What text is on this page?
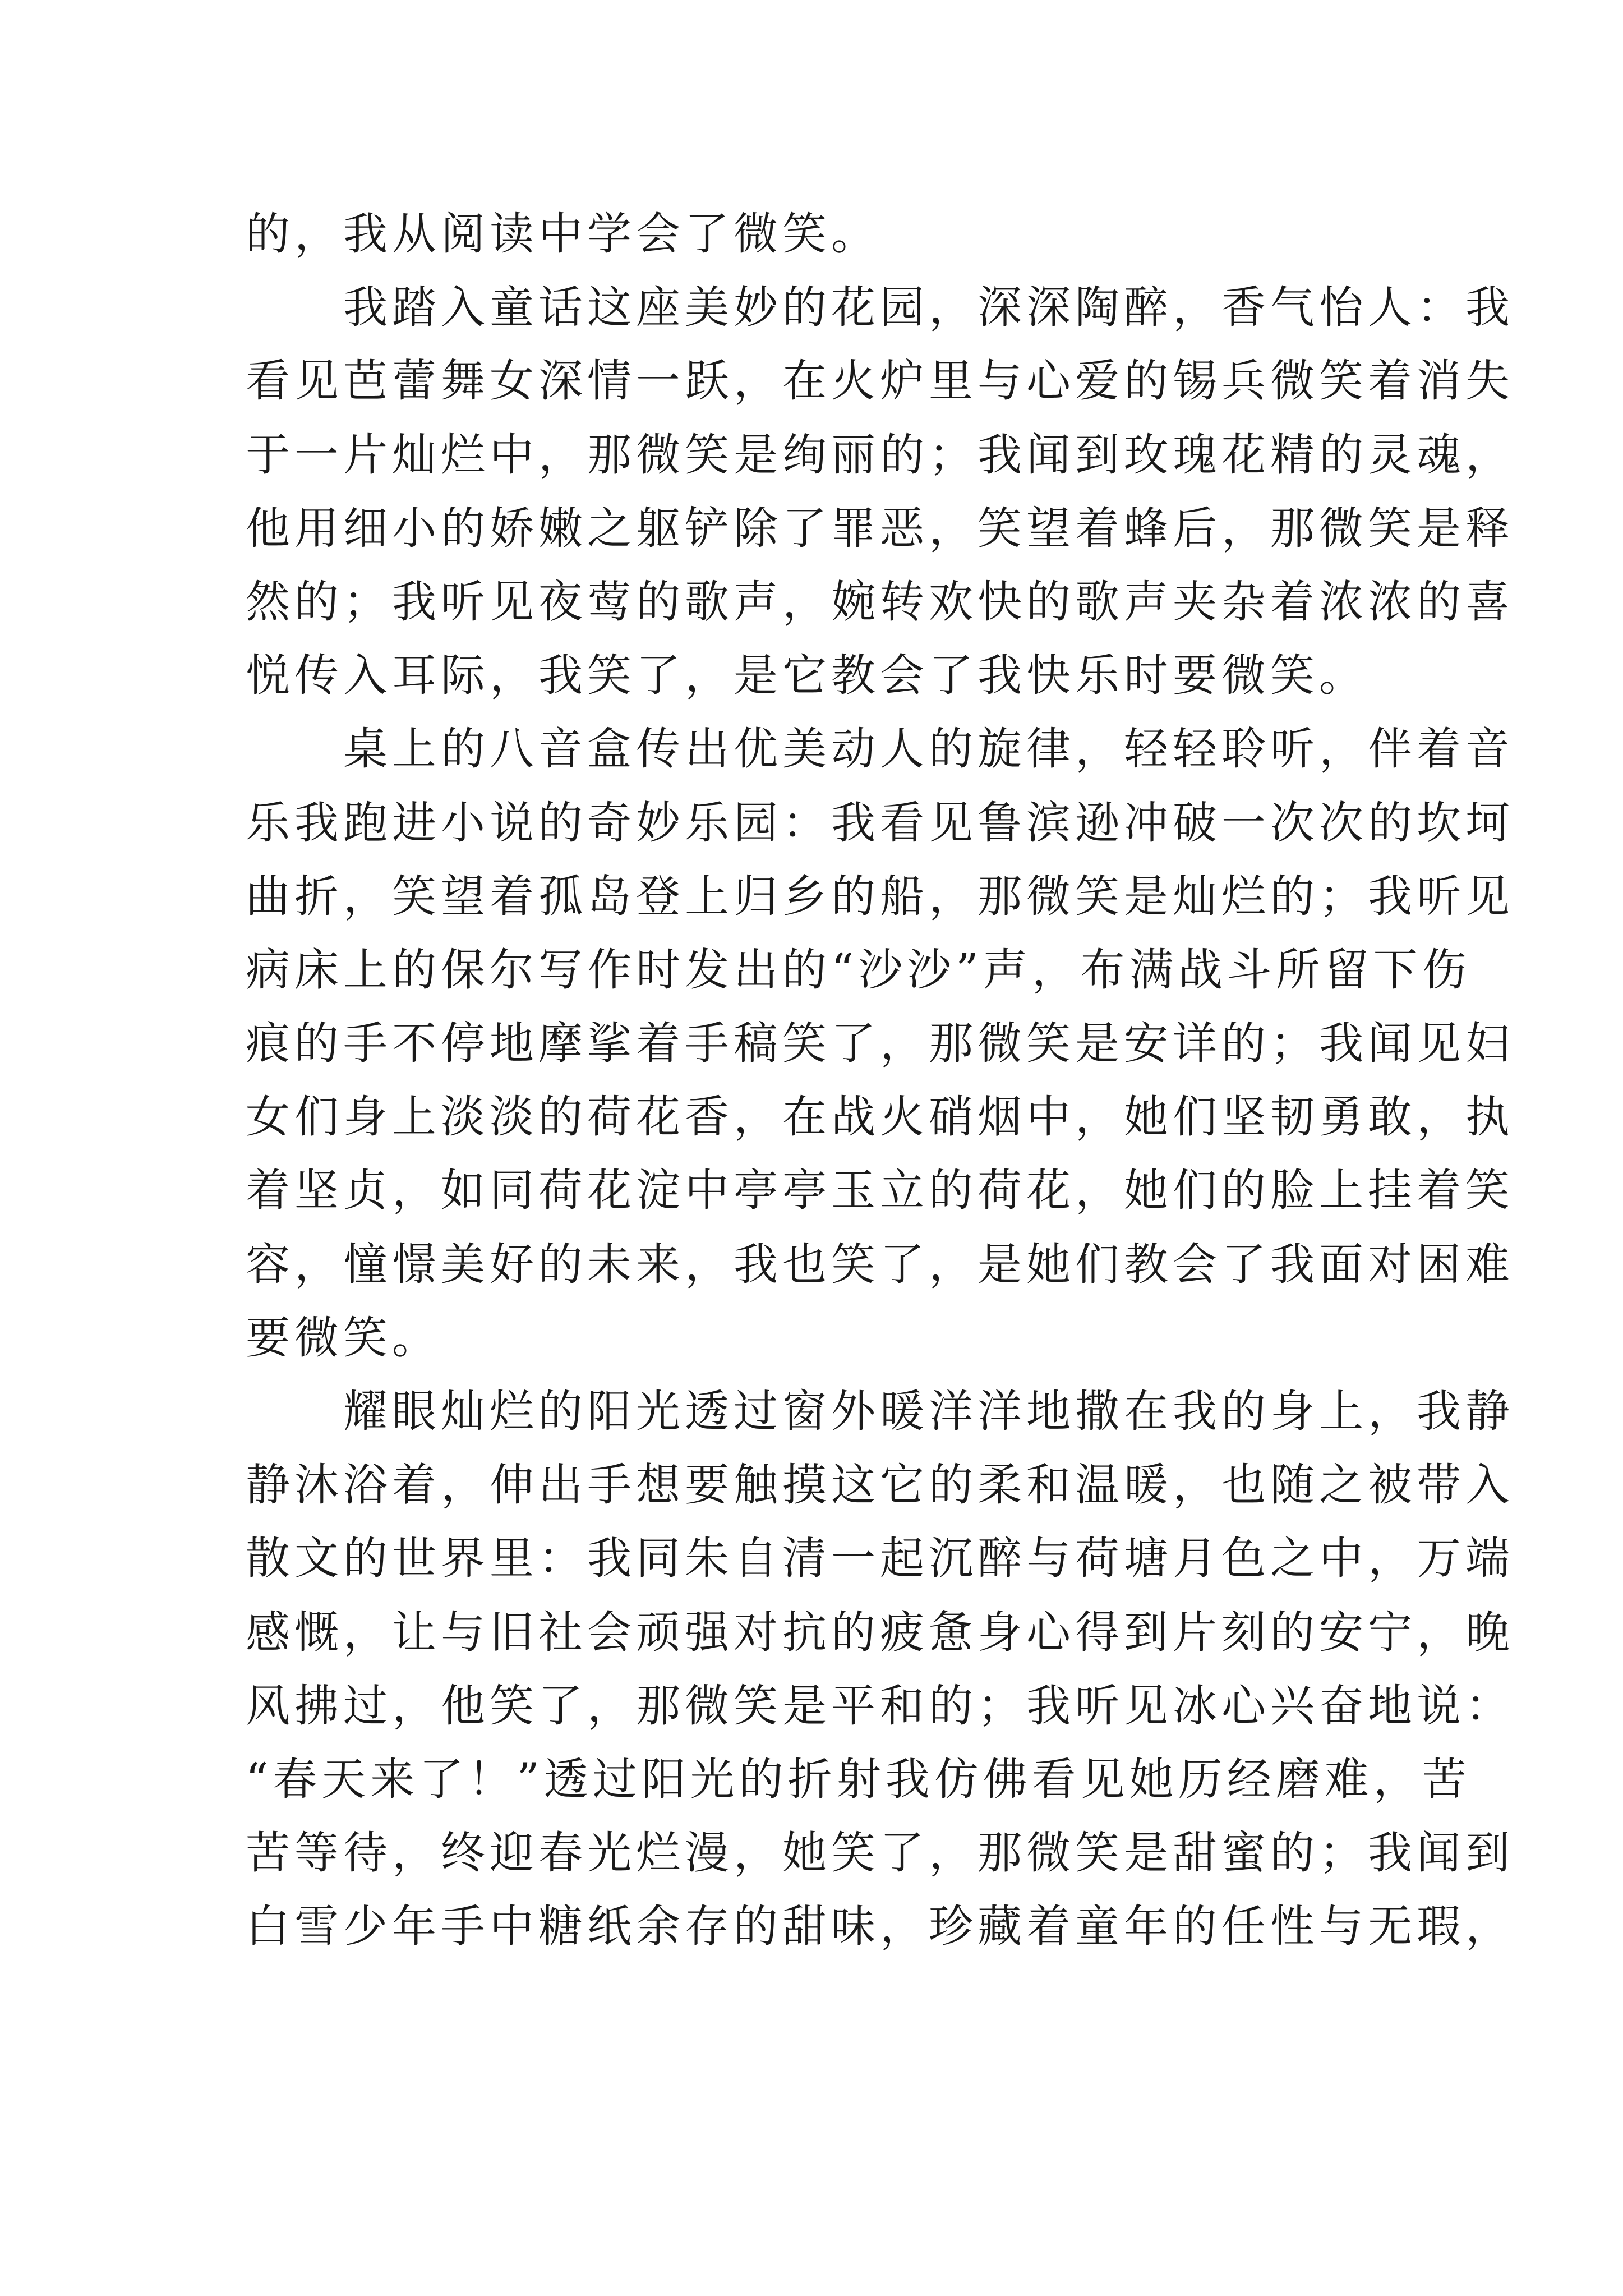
的，我从阅读中学会了微笑。
我踏入童话这座美妙的花园，深深陶醉，香气怡人：我
看见芭蕾舞女深情一跃，在火炉里与心爱的锡兵微笑着消失
于一片灿烂中，那微笑是绚丽的；我闻到玫瑰花精的灵魂，
他用细小的娇嫩之躯铲除了罪恶，笑望着蜂后，那微笑是释
然的；我听见夜莺的歌声，婉转欢快的歌声夹杂着浓浓的喜
悦传入耳际，我笑了，是它教会了我快乐时要微笑。
桌上的八音盒传出优美动人的旋律，轻轻聆听，伴着音
乐我跑进小说的奇妙乐园：我看见鲁滨逊冲破一次次的坎坷
曲折，笑望着孤岛登上归乡的船，那微笑是灿烂的；我听见
病床上的保尔写作时发出的“沙沙”声，布满战斗所留下伤
痕的手不停地摩挲着手稿笑了，那微笑是安详的；我闻见妇
女们身上淡淡的荷花香，在战火硝烟中，她们坚韧勇敢，执
着坚贞，如同荷花淀中亭亭玉立的荷花，她们的脸上挂着笑
容，憧憬美好的未来，我也笑了，是她们教会了我面对困难
要微笑。
耀眼灿烂的阳光透过窗外暖洋洋地撒在我的身上，我静
静沐浴着，伸出手想要触摸这它的柔和温暖，也随之被带入
散文的世界里：我同朱自清一起沉醉与荷塘月色之中，万端
感慨，让与旧社会顽强对抗的疲惫身心得到片刻的安宁，晚
风拂过，他笑了，那微笑是平和的；我听见冰心兴奋地说：
“春天来了！”透过阳光的折射我仿佛看见她历经磨难，苦
苦等待，终迎春光烂漫，她笑了，那微笑是甜蜜的；我闻到
白雪少年手中糖纸余存的甜味，珍藏着童年的任性与无瑕，
